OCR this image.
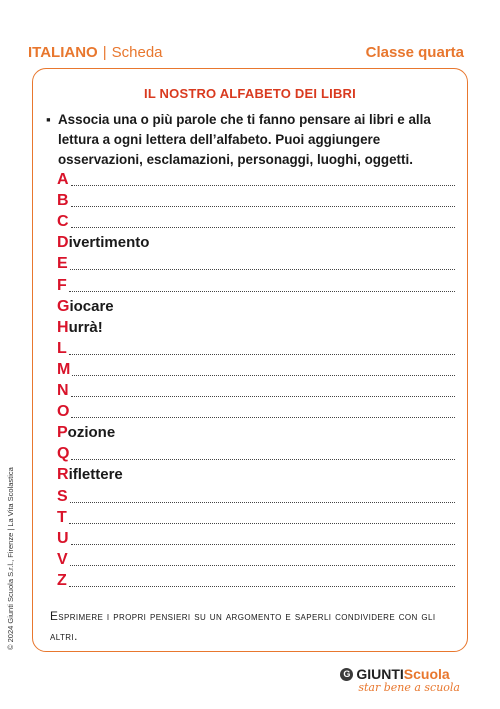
ITALIANO | Scheda	Classe quarta
IL NOSTRO ALFABETO DEI LIBRI
▪ Associa una o più parole che ti fanno pensare ai libri e alla lettura a ogni lettera dell’alfabeto. Puoi aggiungere osservazioni, esclamazioni, personaggi, luoghi, oggetti.
A
B
C
D ivertimento
E
F
G iocare
H urrà!
L
M
N
O
P ozione
Q
R iflettere
S
T
U
V
Z
Esprimere i propri pensieri su un argomento e saperli condividere con gli altri.
© 2024 Giunti Scuola S.r.l., Firenze | La Vita Scolastica
G GIUNTI Scuola
star bene a scuola
